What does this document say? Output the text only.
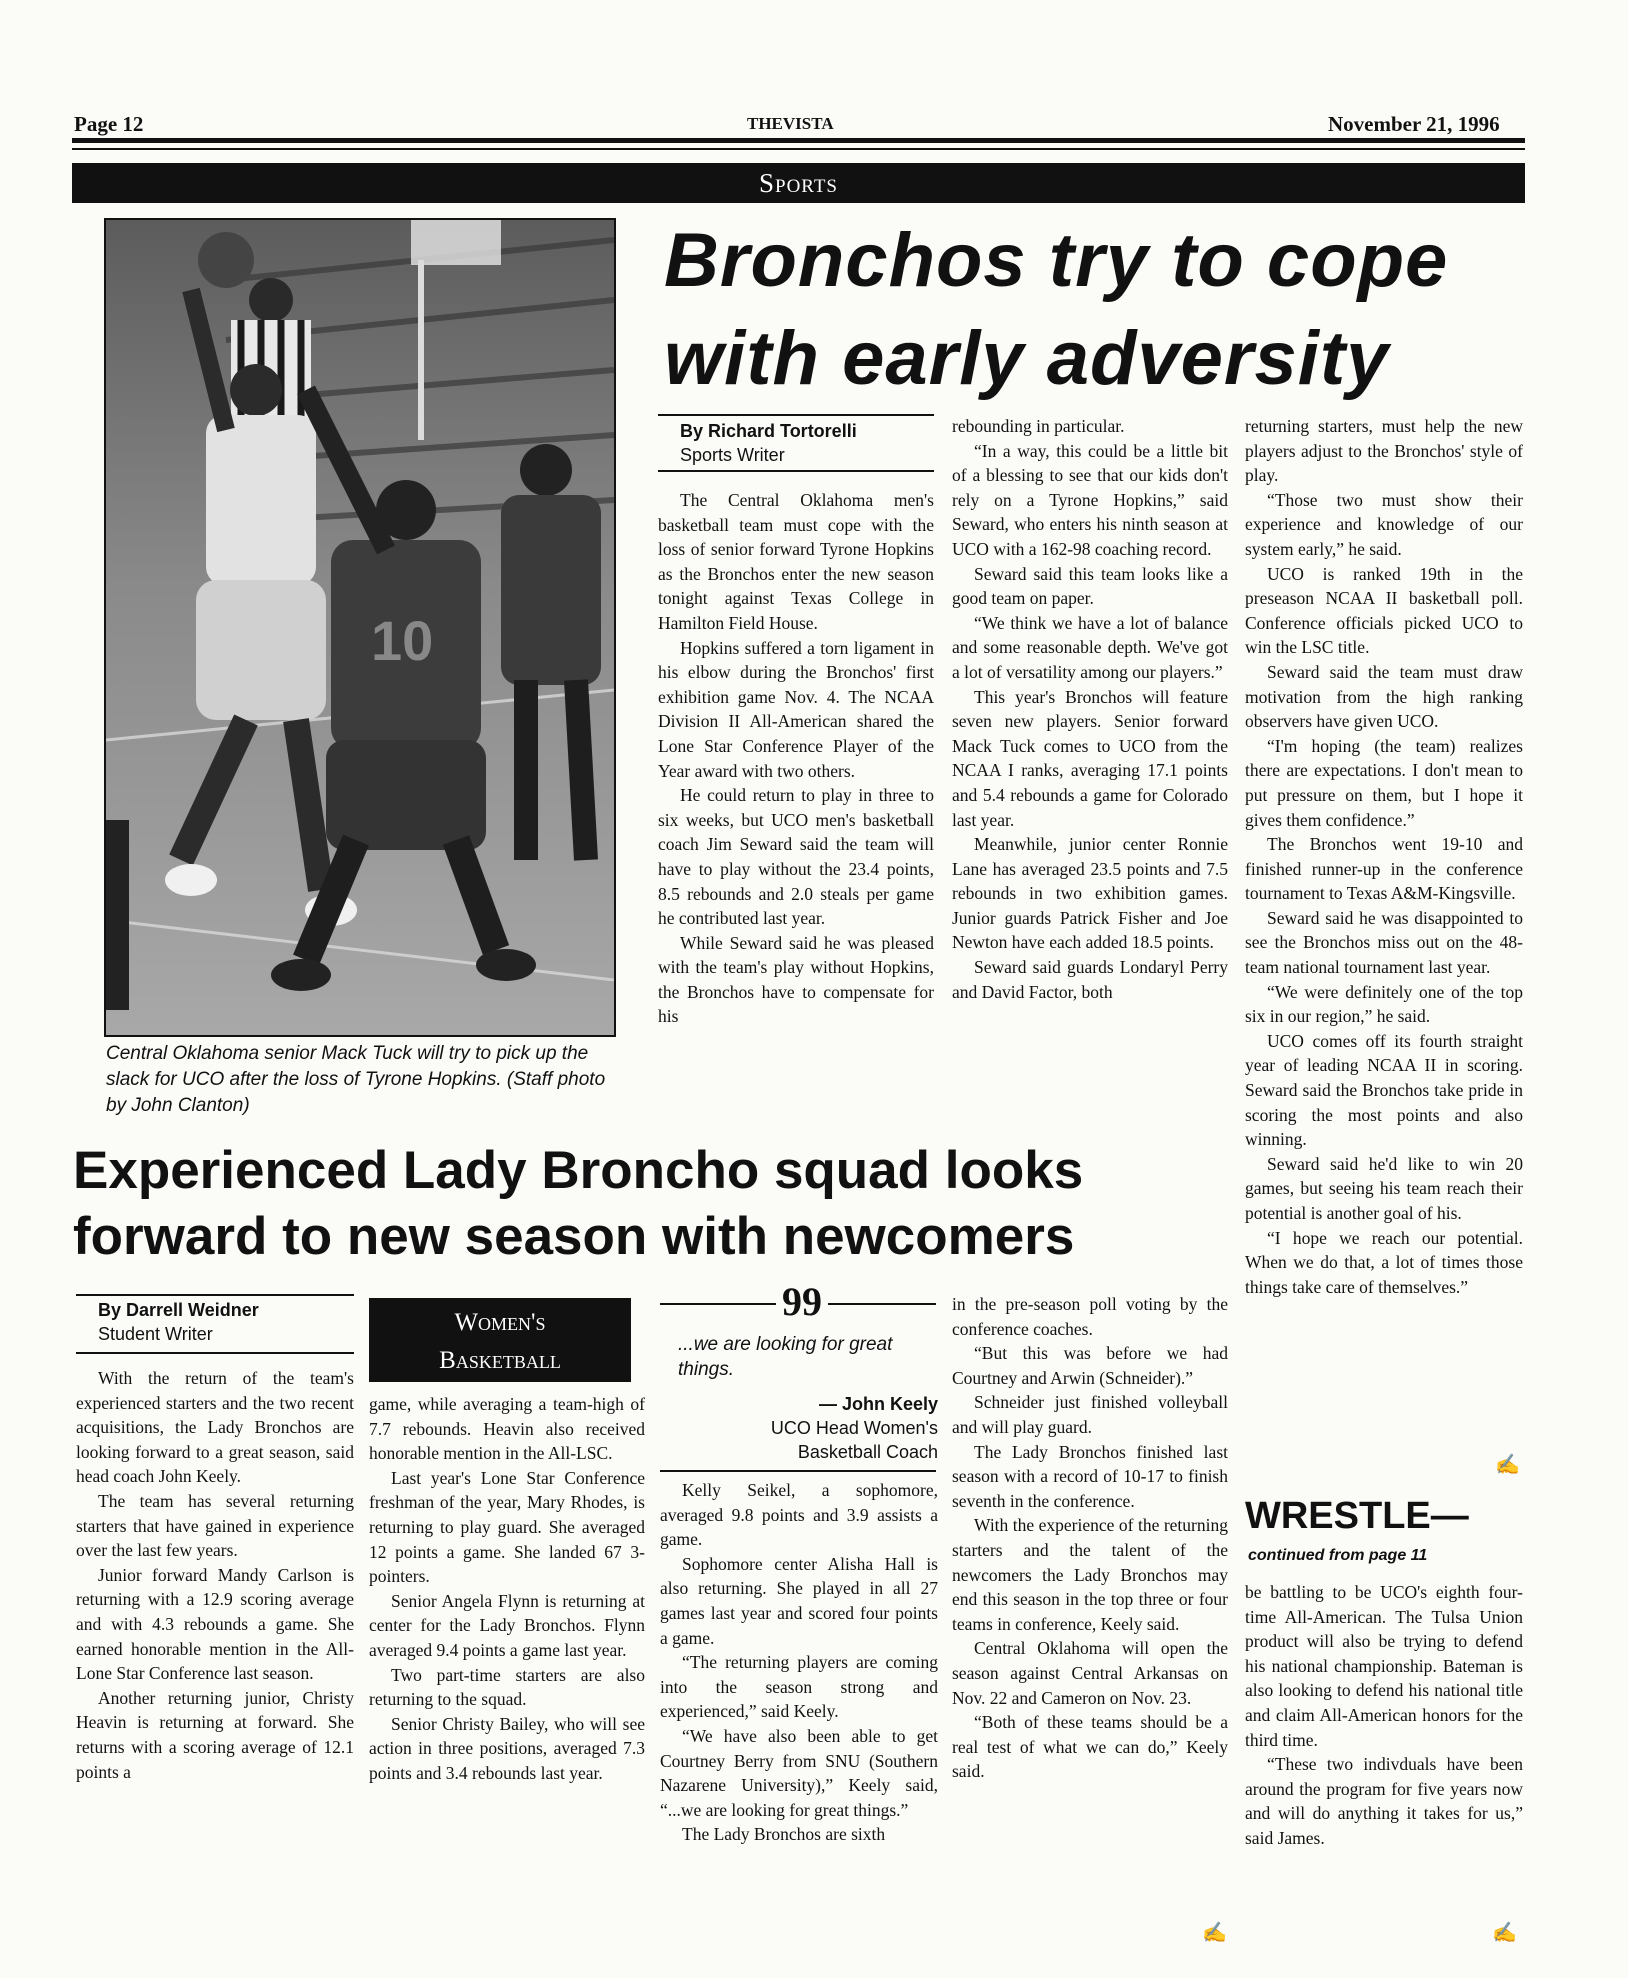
Page 12	THEVISTA	November 21, 1996
Sports
10
Central Oklahoma senior Mack Tuck will try to pick up the slack for UCO after the loss of Tyrone Hopkins. (Staff photo by John Clanton)
Bronchos try to cope
with early adversity
By Richard Tortorelli
Sports Writer

The Central Oklahoma men's basketball team must cope with the loss of senior forward Tyrone Hopkins as the Bronchos enter the new season tonight against Texas College in Hamilton Field House.

Hopkins suffered a torn ligament in his elbow during the Bronchos' first exhibition game Nov. 4. The NCAA Division II All-American shared the Lone Star Conference Player of the Year award with two others.

He could return to play in three to six weeks, but UCO men's basketball coach Jim Seward said the team will have to play without the 23.4 points, 8.5 rebounds and 2.0 steals per game he contributed last year.

While Seward said he was pleased with the team's play without Hopkins, the Bronchos have to compensate for his

rebounding in particular.

“In a way, this could be a little bit of a blessing to see that our kids don't rely on a Tyrone Hopkins,” said Seward, who enters his ninth season at UCO with a 162-98 coaching record.

Seward said this team looks like a good team on paper.

“We think we have a lot of balance and some reasonable depth. We've got a lot of versatility among our players.”

This year's Bronchos will feature seven new players. Senior forward Mack Tuck comes to UCO from the NCAA I ranks, averaging 17.1 points and 5.4 rebounds a game for Colorado last year.

Meanwhile, junior center Ronnie Lane has averaged 23.5 points and 7.5 rebounds in two exhibition games. Junior guards Patrick Fisher and Joe Newton have each added 18.5 points.

Seward said guards Londaryl Perry and David Factor, both

returning starters, must help the new players adjust to the Bronchos' style of play.

“Those two must show their experience and knowledge of our system early,” he said.

UCO is ranked 19th in the preseason NCAA II basketball poll. Conference officials picked UCO to win the LSC title.

Seward said the team must draw motivation from the high ranking observers have given UCO.

“I'm hoping (the team) realizes there are expectations. I don't mean to put pressure on them, but I hope it gives them confidence.”

The Bronchos went 19-10 and finished runner-up in the conference tournament to Texas A&M-Kingsville.

Seward said he was disappointed to see the Bronchos miss out on the 48-team national tournament last year.

“We were definitely one of the top six in our region,” he said.

UCO comes off its fourth straight year of leading NCAA II in scoring. Seward said the Bronchos take pride in scoring the most points and also winning.

Seward said he'd like to win 20 games, but seeing his team reach their potential is another goal of his.

“I hope we reach our potential. When we do that, a lot of times those things take care of themselves.”

✍
Experienced Lady Broncho squad looks
forward to new season with newcomers
By Darrell Weidner
Student Writer	Women's
Basketball

With the return of the team's experienced starters and the two recent acquisitions, the Lady Bronchos are looking forward to a great season, said head coach John Keely.

The team has several returning starters that have gained in experience over the last few years.

Junior forward Mandy Carlson is returning with a 12.9 scoring average and with 4.3 rebounds a game. She earned honorable mention in the All-Lone Star Conference last season.

Another returning junior, Christy Heavin is returning at forward. She returns with a scoring average of 12.1 points a

game, while averaging a team-high of 7.7 rebounds. Heavin also received honorable mention in the All-LSC.

Last year's Lone Star Conference freshman of the year, Mary Rhodes, is returning to play guard. She averaged 12 points a game. She landed 67 3-pointers.

Senior Angela Flynn is returning at center for the Lady Bronchos. Flynn averaged 9.4 points a game last year.

Two part-time starters are also returning to the squad.

Senior Christy Bailey, who will see action in three positions, averaged 7.3 points and 3.4 rebounds last year.

99
...we are looking for great things.
— John Keely
UCO Head Women's
Basketball Coach

Kelly Seikel, a sophomore, averaged 9.8 points and 3.9 assists a game.

Sophomore center Alisha Hall is also returning. She played in all 27 games last year and scored four points a game.

“The returning players are coming into the season strong and experienced,” said Keely.

“We have also been able to get Courtney Berry from SNU (Southern Nazarene University),” Keely said, “...we are looking for great things.”

The Lady Bronchos are sixth

in the pre-season poll voting by the conference coaches.

“But this was before we had Courtney and Arwin (Schneider).”

Schneider just finished volleyball and will play guard.

The Lady Bronchos finished last season with a record of 10-17 to finish seventh in the conference.

With the experience of the returning starters and the talent of the newcomers the Lady Bronchos may end this season in the top three or four teams in conference, Keely said.

Central Oklahoma will open the season against Central Arkansas on Nov. 22 and Cameron on Nov. 23.

“Both of these teams should be a real test of what we can do,” Keely said.

✍
WRESTLE—
continued from page 11

be battling to be UCO's eighth four-time All-American. The Tulsa Union product will also be trying to defend his national championship. Bateman is also looking to defend his national title and claim All-American honors for the third time.

“These two indivduals have been around the program for five years now and will do anything it takes for us,” said James.

✍
